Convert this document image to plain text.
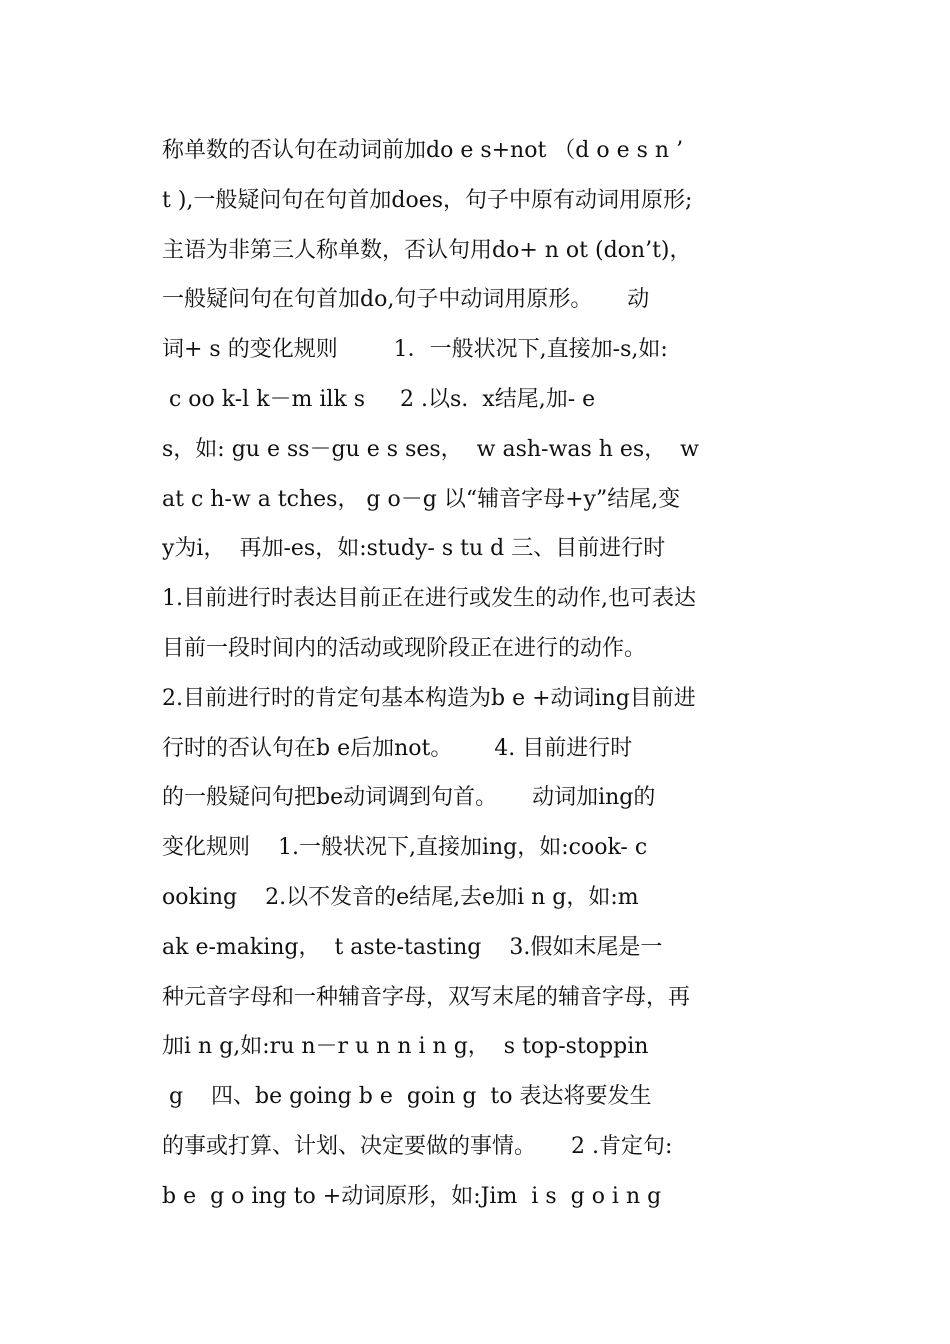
称单数的否认句在动词前加do e s+not （d o e s n ’
t ),一般疑问句在句首加does，句子中原有动词用原形;
主语为非第三人称单数，否认句用do+ n ot (don’t)，
一般疑问句在句首加do,句子中动词用原形。     动
词+ s 的变化规则        1．一般状况下,直接加-s,如:
c oo k-l k－m ilk s     2 .以s.  x结尾,加- e
s，如: gu e ss－gu e s ses，  w ash-was h es，  w
at c h-w a tches， g o－g 以“辅音字母+y”结尾,变
y为i，  再加-es，如:study- s tu d 三、目前进行时
1.目前进行时表达目前正在进行或发生的动作,也可表达
目前一段时间内的活动或现阶段正在进行的动作。
2.目前进行时的肯定句基本构造为b e +动词ing目前进
行时的否认句在b e后加not。      4. 目前进行时
的一般疑问句把be动词调到句首。     动词加ing的
变化规则    1.一般状况下,直接加ing，如:cook- c
ooking    2.以不发音的e结尾,去e加i n g，如:m
ak e-making，  t aste-tasting    3.假如末尾是一
种元音字母和一种辅音字母，双写末尾的辅音字母，再
加i n g,如:ru n－r u n n i n g，  s top-stoppin
g    四、be going b e  goin g  to 表达将要发生
的事或打算、计划、决定要做的事情。     2 .肯定句:
b e  g o ing to +动词原形，如:Jim  i s  g o i n g
